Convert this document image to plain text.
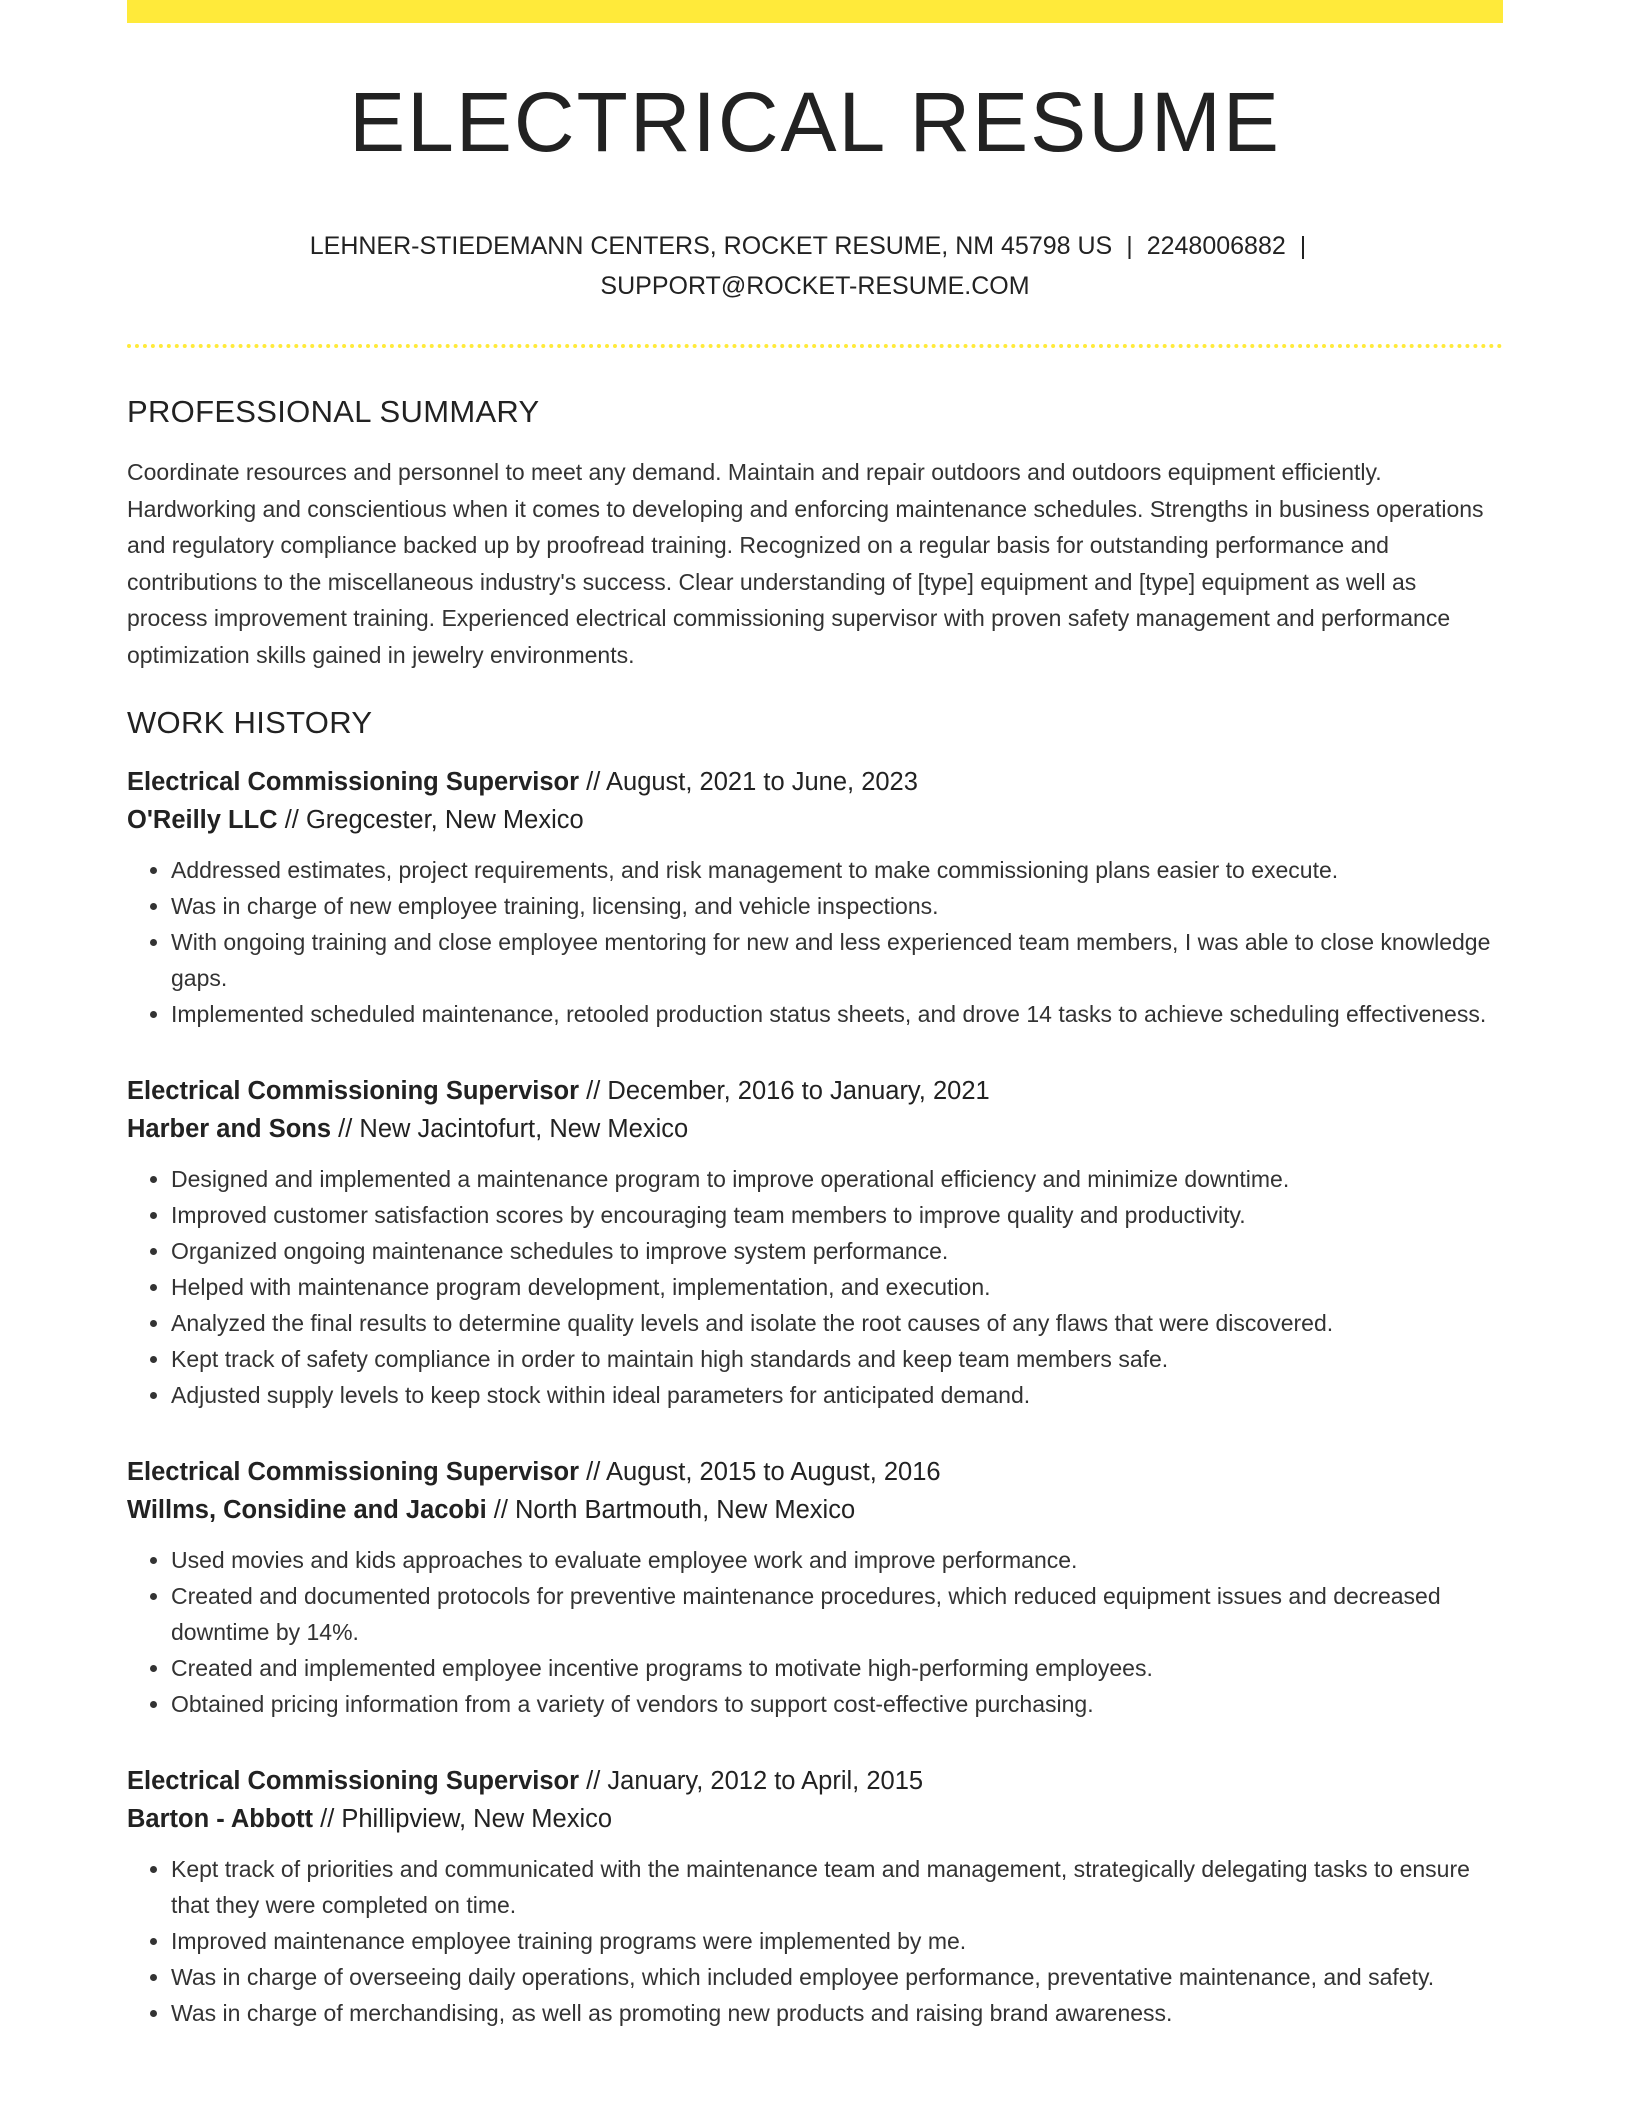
ELECTRICAL RESUME
LEHNER-STIEDEMANN CENTERS, ROCKET RESUME, NM 45798 US | 2248006882 |
SUPPORT@ROCKET-RESUME.COM
PROFESSIONAL SUMMARY

Coordinate resources and personnel to meet any demand. Maintain and repair outdoors and outdoors equipment efficiently. Hardworking and conscientious when it comes to developing and enforcing maintenance schedules. Strengths in business operations and regulatory compliance backed up by proofread training. Recognized on a regular basis for outstanding performance and contributions to the miscellaneous industry's success. Clear understanding of [type] equipment and [type] equipment as well as process improvement training. Experienced electrical commissioning supervisor with proven safety management and performance optimization skills gained in jewelry environments.

WORK HISTORY
Electrical Commissioning Supervisor // August, 2021 to June, 2023
O'Reilly LLC // Gregcester, New Mexico
• Addressed estimates, project requirements, and risk management to make commissioning plans easier to execute.
• Was in charge of new employee training, licensing, and vehicle inspections.
• With ongoing training and close employee mentoring for new and less experienced team members, I was able to close knowledge gaps.
• Implemented scheduled maintenance, retooled production status sheets, and drove 14 tasks to achieve scheduling effectiveness.
Electrical Commissioning Supervisor // December, 2016 to January, 2021
Harber and Sons // New Jacintofurt, New Mexico
• Designed and implemented a maintenance program to improve operational efficiency and minimize downtime.
• Improved customer satisfaction scores by encouraging team members to improve quality and productivity.
• Organized ongoing maintenance schedules to improve system performance.
• Helped with maintenance program development, implementation, and execution.
• Analyzed the final results to determine quality levels and isolate the root causes of any flaws that were discovered.
• Kept track of safety compliance in order to maintain high standards and keep team members safe.
• Adjusted supply levels to keep stock within ideal parameters for anticipated demand.
Electrical Commissioning Supervisor // August, 2015 to August, 2016
Willms, Considine and Jacobi // North Bartmouth, New Mexico
• Used movies and kids approaches to evaluate employee work and improve performance.
• Created and documented protocols for preventive maintenance procedures, which reduced equipment issues and decreased downtime by 14%.
• Created and implemented employee incentive programs to motivate high-performing employees.
• Obtained pricing information from a variety of vendors to support cost-effective purchasing.
Electrical Commissioning Supervisor // January, 2012 to April, 2015
Barton - Abbott // Phillipview, New Mexico
• Kept track of priorities and communicated with the maintenance team and management, strategically delegating tasks to ensure that they were completed on time.
• Improved maintenance employee training programs were implemented by me.
• Was in charge of overseeing daily operations, which included employee performance, preventative maintenance, and safety.
• Was in charge of merchandising, as well as promoting new products and raising brand awareness.
